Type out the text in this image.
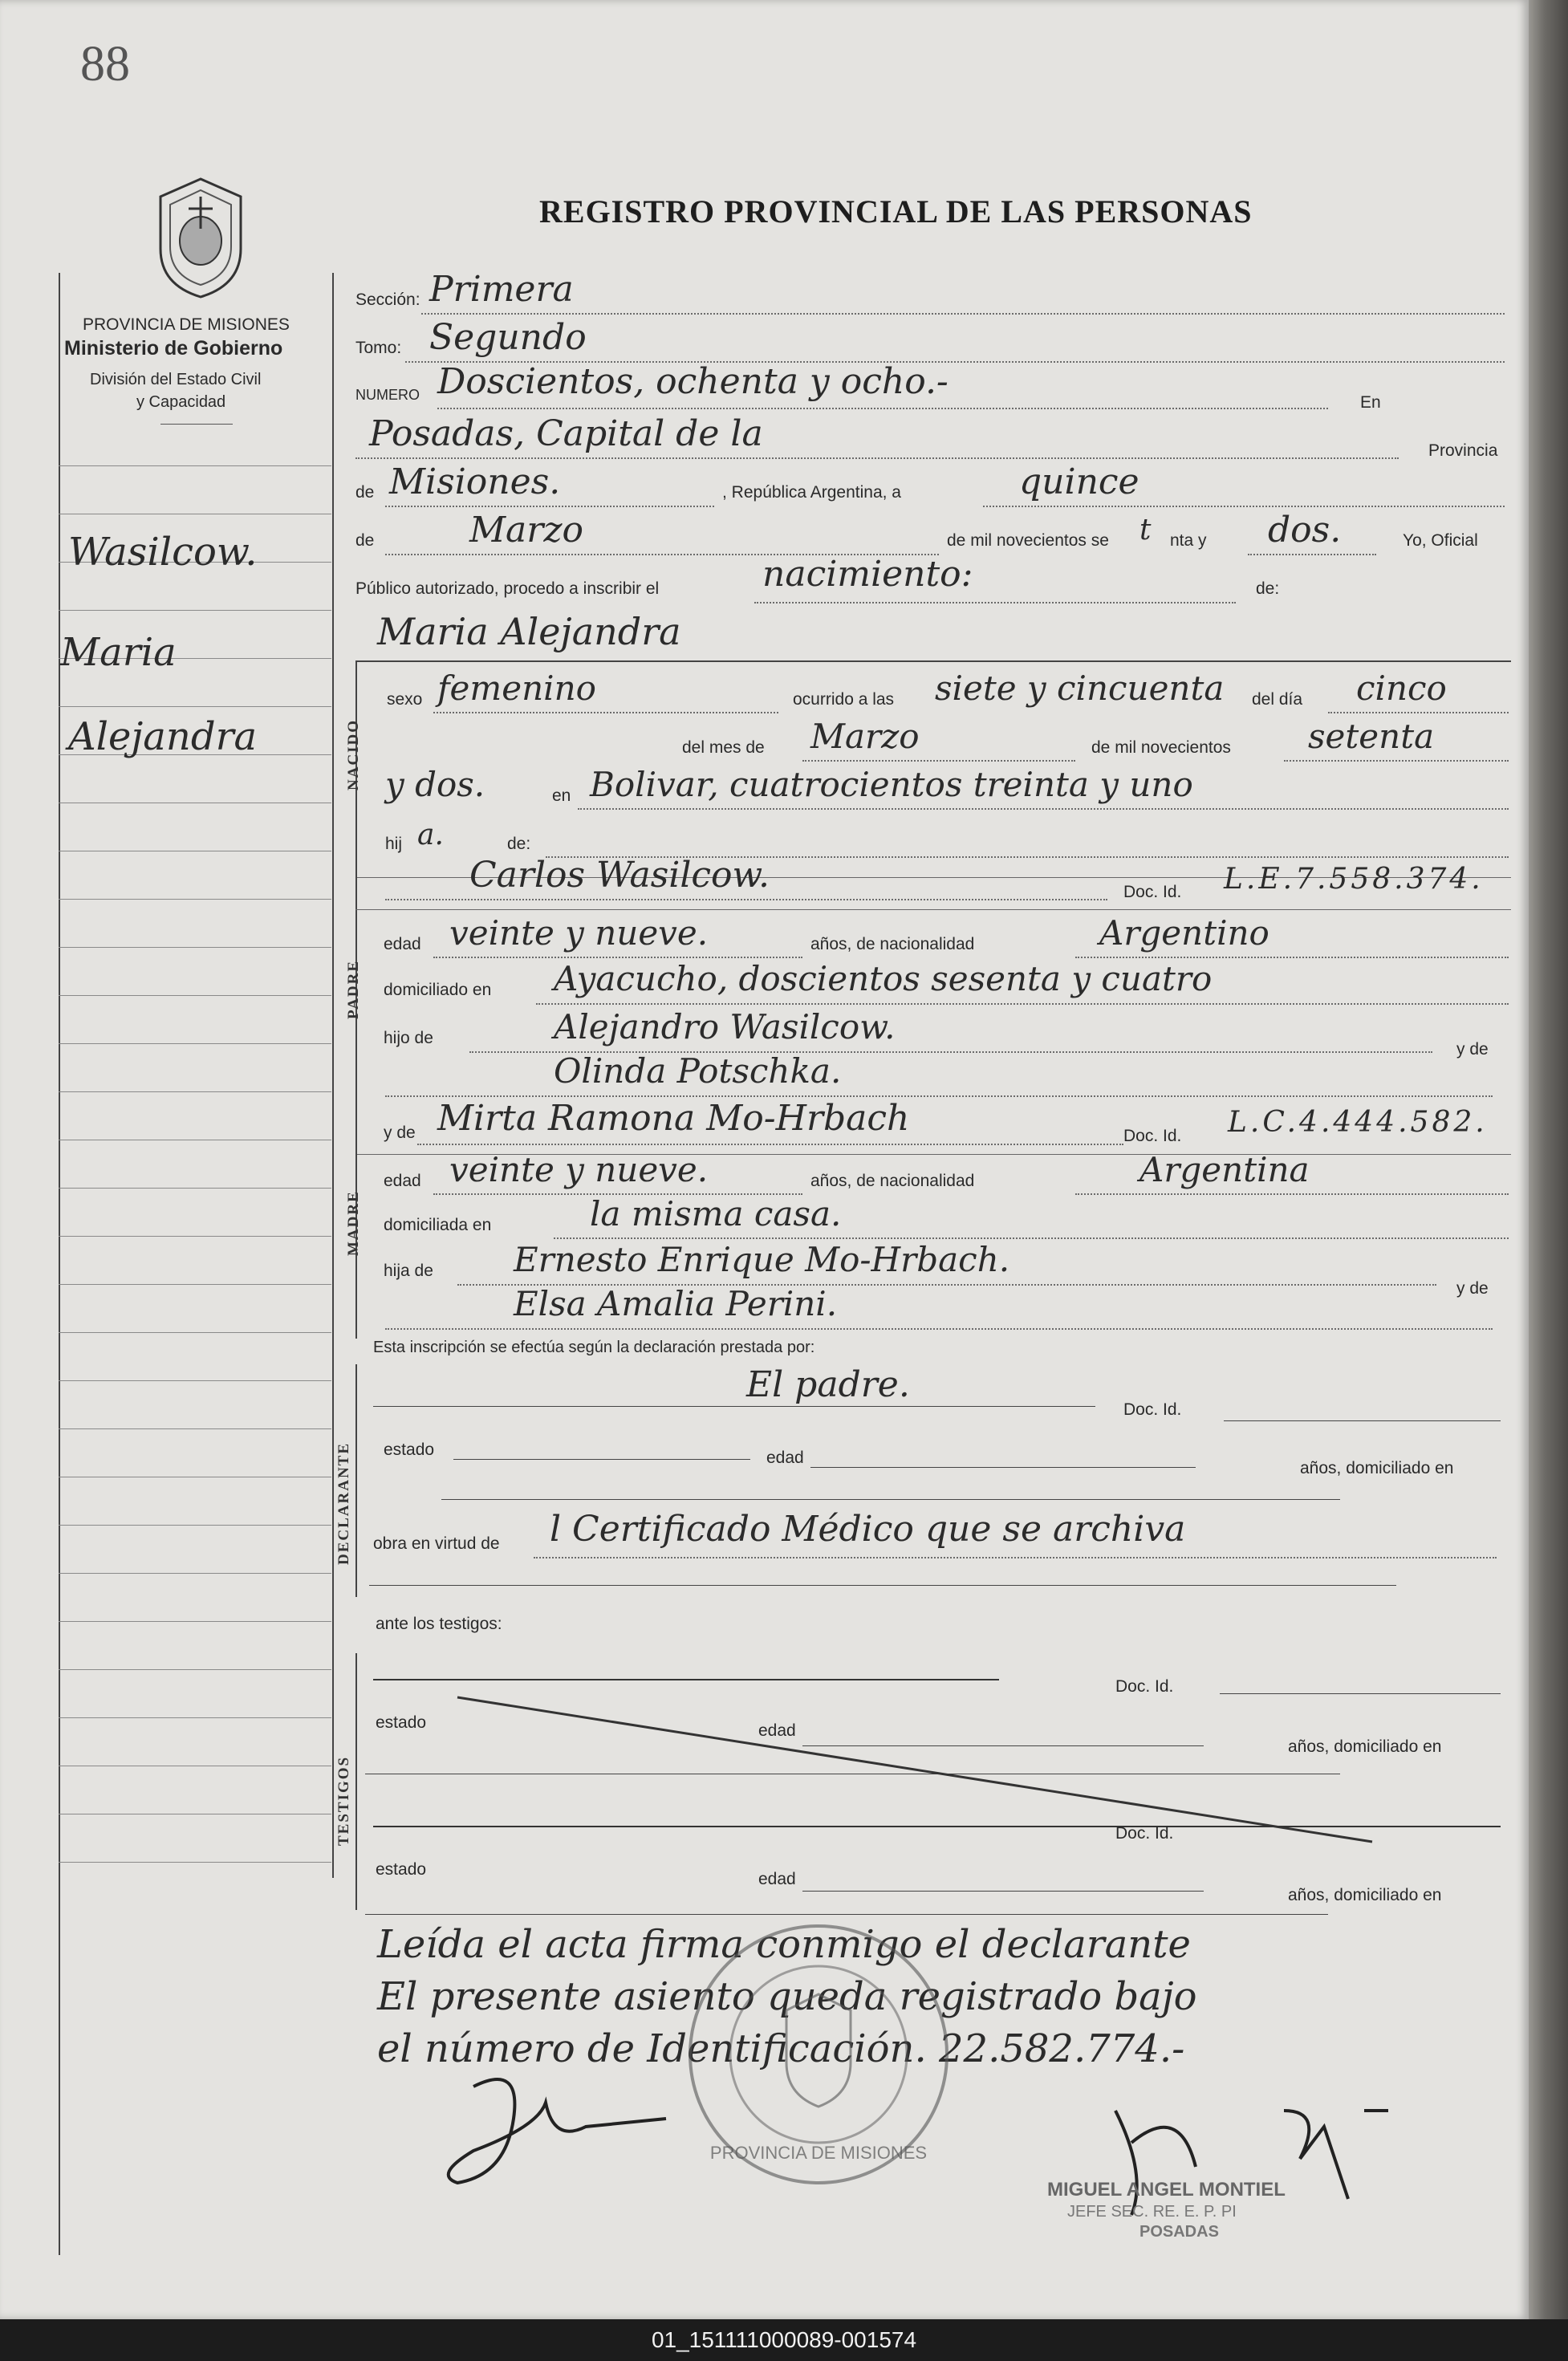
88
REGISTRO PROVINCIAL DE LAS PERSONAS
PROVINCIA DE MISIONES
Ministerio de Gobierno
División del Estado Civil
y Capacidad
Wasilcow.
Maria
Alejandra
Sección: Primera
Tomo: Segundo
NUMERO Doscientos, ochenta y ocho.-
En
Posadas, Capital de la	Provincia
de Misiones.	, República Argentina, a	quince
de	Marzo	de mil novecientos se t nta y dos.	Yo, Oficial
Público autorizado, procedo a inscribir el	nacimiento:	de:
Maria Alejandra
NACIDO
sexo femenino	ocurrido a las siete y cincuenta del día cinco
del mes de Marzo	de mil novecientos setenta
y dos.	en Bolivar, cuatrocientos treinta y uno
hij a.	de:
PADRE
Carlos Wasilcow.	Doc. Id. L.E.7.558.374.
edad veinte y nueve.	años, de nacionalidad	Argentino
domiciliado en Ayacucho, doscientos sesenta y cuatro
hijo de	Alejandro Wasilcow.
y de
Olinda Potschka.
y de Mirta Ramona Mo-Hrbach	Doc. Id. L.C.4.444.582.
MADRE
edad veinte y nueve.	años, de nacionalidad	Argentina
domiciliada en	la misma casa.
hija de Ernesto Enrique Mo-Hrbach.
y de
Elsa Amalia Perini.
Esta inscripción se efectúa según la declaración prestada por:
DECLARANTE
El padre.
Doc. Id.
estado	edad
años, domiciliado en
obra en virtud de l Certificado Médico que se archiva
ante los testigos:
TESTIGOS
Doc. Id.
estado	edad
años, domiciliado en
Doc. Id.
estado
edad
años, domiciliado en
Leída el acta firma conmigo el declarante
El presente asiento queda registrado bajo
el número de Identificación. 22.582.774.-
PROVINCIA DE MISIONES
MIGUEL ANGEL MONTIEL
JEFE SEC. RE. E. P. PI
POSADAS
01_151111000089-001574
